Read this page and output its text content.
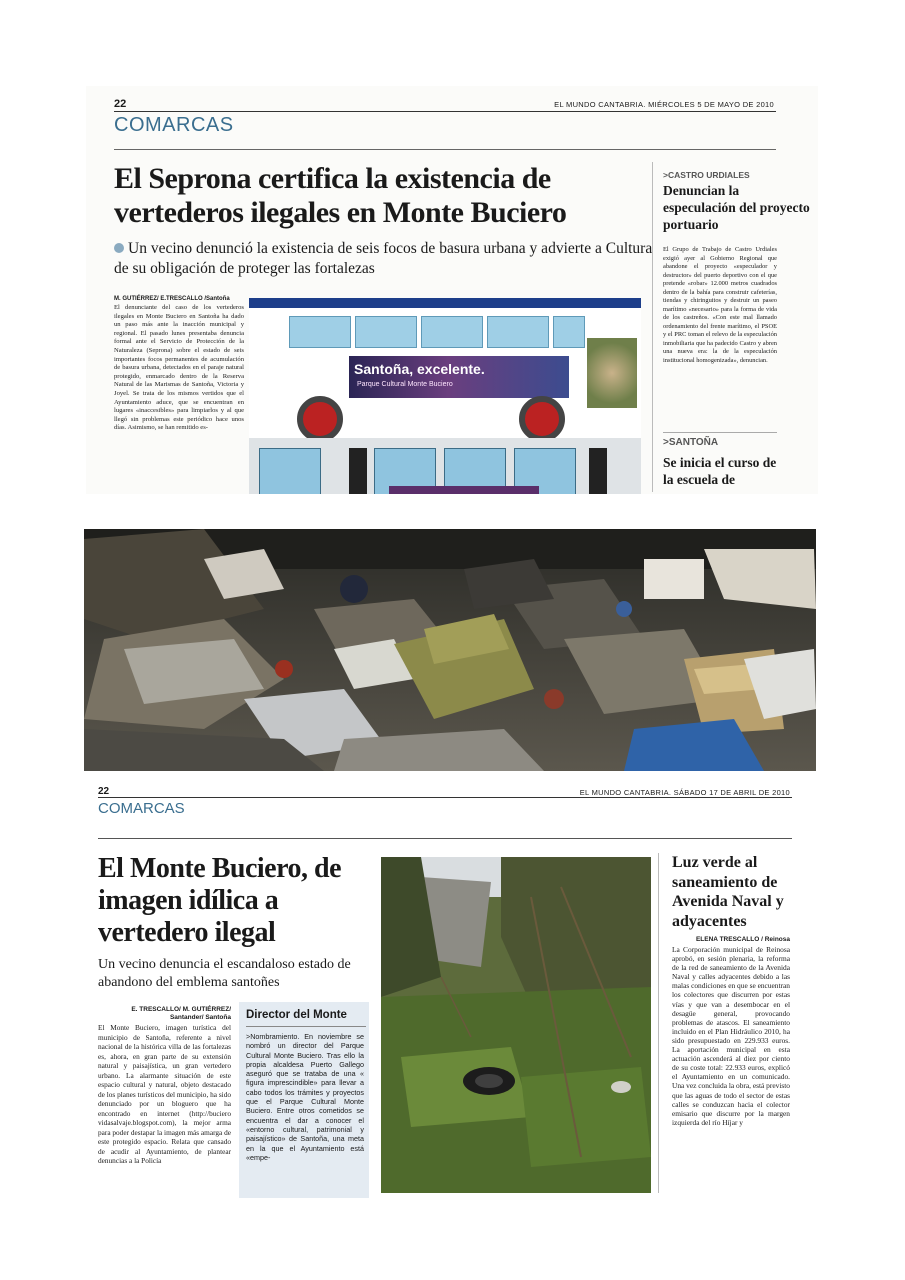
22	EL MUNDO CANTABRIA. MIÉRCOLES 5 DE MAYO DE 2010
COMARCAS
El Seprona certifica la existencia de vertederos ilegales en Monte Buciero
Un vecino denunció la existencia de seis focos de basura urbana y advierte a Cultura de su obligación de proteger las fortalezas
M. GUTIÉRREZ/ E.TRESCALLO /Santoña
El denunciante del caso de los vertederos ilegales en Monte Buciero en Santoña ha dado un paso más ante la inacción municipal y regional. El pasado lunes presentaba denuncia formal ante el Servicio de Protección de la Naturaleza (Seprona) sobre el estado de seis importantes focos permanentes de acumulación de basura urbana, detectados en el paraje natural protegido, enmarcado dentro de la Reserva Natural de las Marismas de Santoña, Victoria y Joyel. Se trata de los mismos vertidos que el Ayuntamiento aduce, que se encuentran en lugares «inaccesibles» para limpiarlos y al que llegó sin problemas este periódico hace unos días. Asimismo, se han remitido es-
Santoña, excelente.
Parque Cultural Monte Buciero
>CASTRO URDIALES
Denuncian la especulación del proyecto portuario
El Grupo de Trabajo de Castro Urdiales exigió ayer al Gobierno Regional que abandone el proyecto «especulador y destructor» del puerto deportivo con el que pretende «robar» 12.000 metros cuadrados dentro de la bahía para construir cafeterías, tiendas y chiringuitos y destruir un paseo marítimo «necesario» para la forma de vida de los castreños. «Con este mal llamado ordenamiento del frente marítimo, el PSOE y el PRC toman el relevo de la especulación inmobiliaria que ha padecido Castro y abren una nueva era: la de la especulación institucional homogenizada», denuncian.
>SANTOÑA
Se inicia el curso de la escuela de
22	EL MUNDO CANTABRIA. SÁBADO 17 DE ABRIL DE 2010
COMARCAS
El Monte Buciero, de imagen idílica a vertedero ilegal
Un vecino denuncia el escandaloso estado de abandono del emblema santoñes
E. TRESCALLO/ M. GUTIÉRREZ/
Santander/ Santoña
El Monte Buciero, imagen turística del municipio de Santoña, referente a nivel nacional de la histórica villa de las fortalezas es, ahora, en gran parte de su extensión natural y paisajística, un gran vertedero urbano. La alarmante situación de este espacio cultural y natural, objeto destacado de los planes turísticos del municipio, ha sido denunciado por un bloguero que ha encontrado en internet (http://buciero​vidasalvaje.blogspot.com), la mejor arma para poder destapar la imagen más amarga de este protegido espacio. Relata que cansado de acudir al Ayuntamiento, de plantear denuncias a la Policía
Director del Monte
>Nombramiento. En noviembre se nombró un director del Parque Cultural Monte Buciero. Tras ello la propia alcaldesa Puerto Gallego aseguró que se trataba de una « figura imprescindible» para llevar a cabo todos los trámites y proyectos que el Parque Cultural Monte Buciero. Entre otros cometidos se encuentra el dar a conocer el «entorno cultural, patrimonial y paisajístico» de Santoña, una meta en la que el Ayuntamiento está «empe-
Luz verde al saneamiento de Avenida Naval y adyacentes
ELENA TRESCALLO / Reinosa
La Corporación municipal de Reinosa aprobó, en sesión plenaria, la reforma de la red de saneamiento de la Avenida Naval y calles adyacentes debido a las malas condiciones en que se encuentran los colectores que discurren por estas vías y que van a desembocar en el desagüe general, provocando problemas de atascos. El saneamiento incluido en el Plan Hidráulico 2010, ha sido presupuestado en 229.933 euros. La aportación municipal en esta actuación ascenderá al diez por ciento de su coste total: 22.933 euros, explicó el Ayuntamiento en un comunicado. Una vez concluida la obra, está previsto que las aguas de todo el sector de estas calles se conduzcan hacia el colector emisario que discurre por la margen izquierda del río Híjar y
